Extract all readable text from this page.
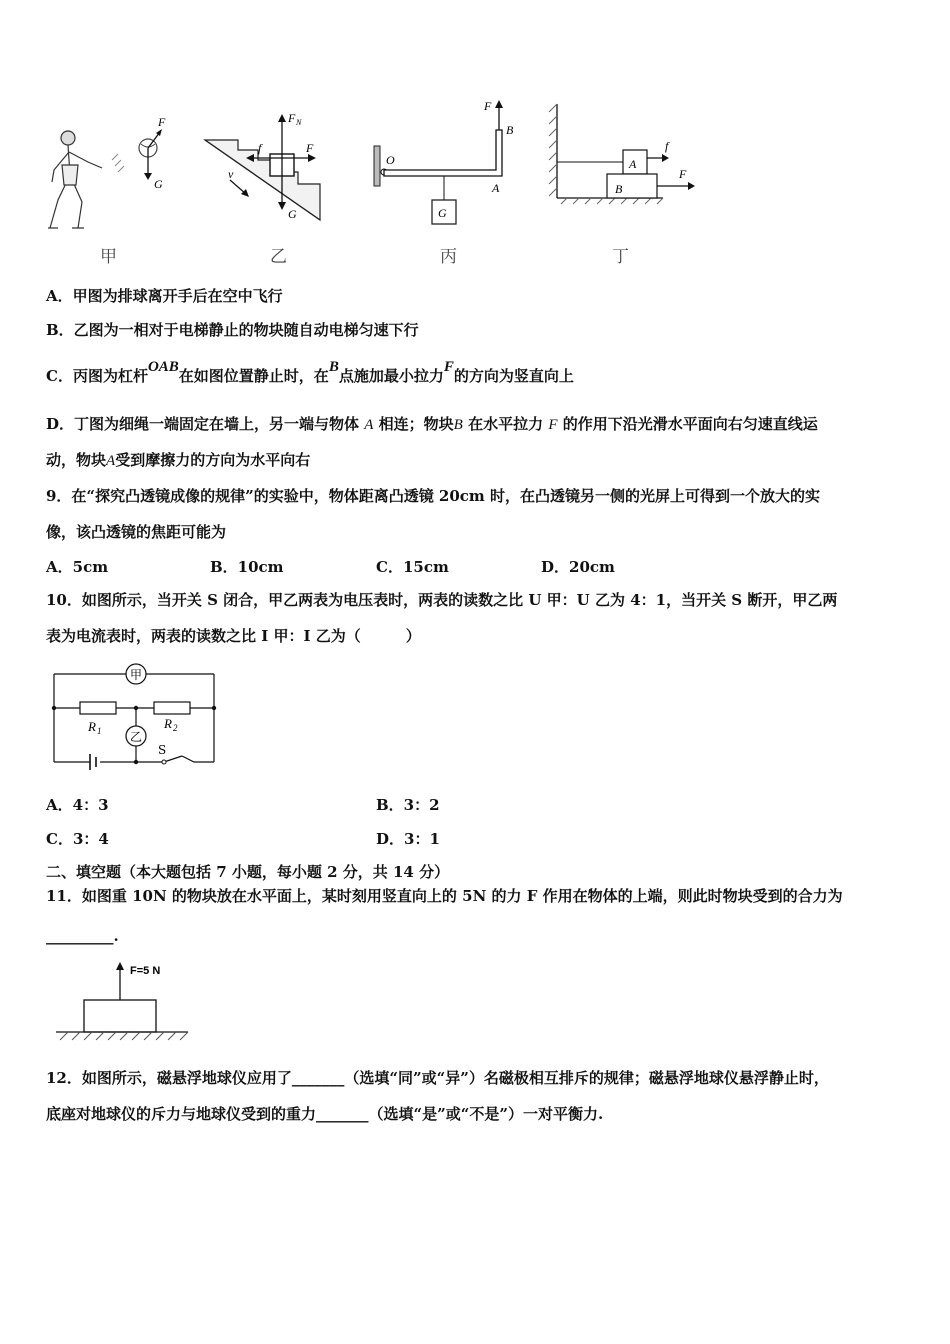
F
G
F N
f	F
G
v
G
F
B
O
A
A
B
f
F
甲	乙	丙	丁
A．甲图为排球离开手后在空中飞行
B．乙图为一相对于电梯静止的物块随自动电梯匀速下行
C．丙图为杠杆OAB在如图位置静止时，在B点施加最小拉力F的方向为竖直向上
D．丁图为细绳一端固定在墙上，另一端与物体 A 相连；物块B 在水平拉力 F 的作用下沿光滑水平面向右匀速直线运
动，物块A受到摩擦力的方向为水平向右
9．在“探究凸透镜成像的规律”的实验中，物体距离凸透镜 20cm 时，在凸透镜另一侧的光屏上可得到一个放大的实
像，该凸透镜的焦距可能为
A．5cm	B．10cm	C．15cm	D．20cm
10．如图所示，当开关 S 闭合，甲乙两表为电压表时，两表的读数之比 U 甲：U 乙为 4：1，当开关 S 断开，甲乙两
表为电流表时，两表的读数之比 I 甲：I 乙为（　　　）
甲
乙
R 1	R 2
S
A．4：3	B．3：2
C．3：4	D．3：1
二、填空题（本大题包括 7 小题，每小题 2 分，共 14 分）
11．如图重 10N 的物块放在水平面上，某时刻用竖直向上的 5N 的力 F 作用在物体的上端，则此时物块受到的合力为
_________.
F=5 N
12．如图所示，磁悬浮地球仪应用了_______（选填“同”或“异”）名磁极相互排斥的规律；磁悬浮地球仪悬浮静止时，
底座对地球仪的斥力与地球仪受到的重力_______（选填“是”或“不是”）一对平衡力.
